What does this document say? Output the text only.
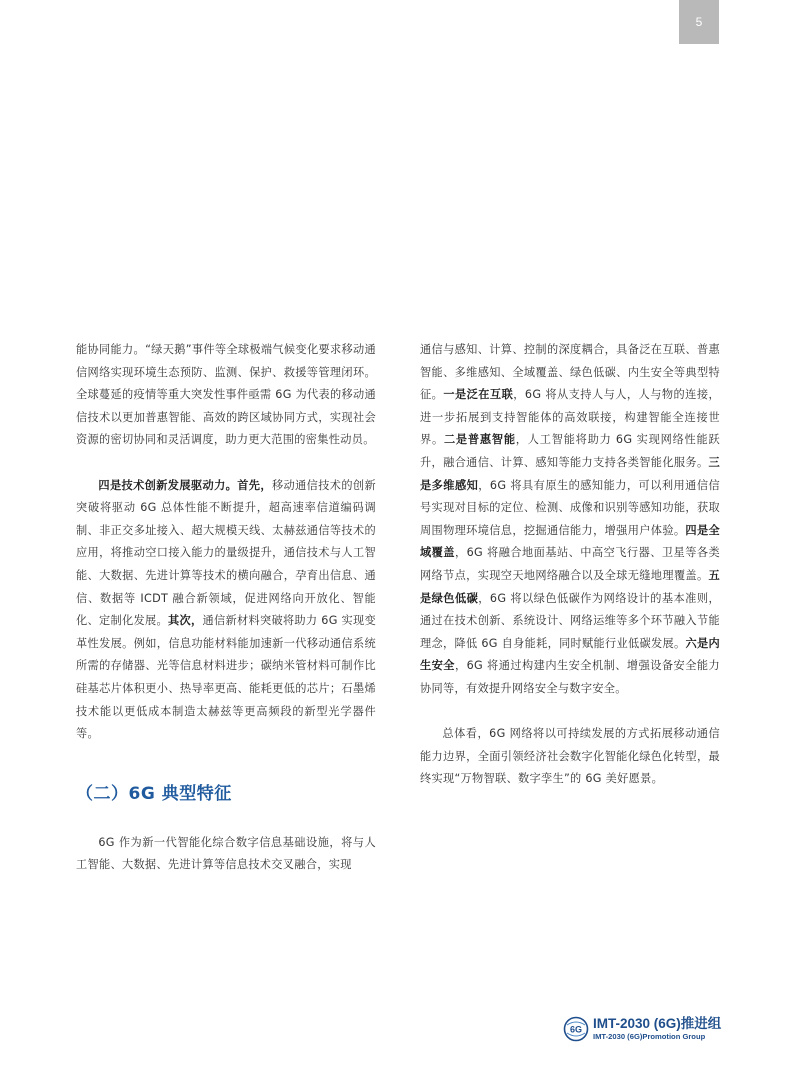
5

能协同能力。“绿天鹅”事件等全球极端气候变化要求移动通信网络实现环境生态预防、监测、保护、救援等管理闭环。全球蔓延的疫情等重大突发性事件亟需 6G 为代表的移动通信技术以更加普惠智能、高效的跨区域协同方式，实现社会资源的密切协同和灵活调度，助力更大范围的密集性动员。

四是技术创新发展驱动力。首先，移动通信技术的创新突破将驱动 6G 总体性能不断提升，超高速率信道编码调制、非正交多址接入、超大规模天线、太赫兹通信等技术的应用，将推动空口接入能力的量级提升，通信技术与人工智能、大数据、先进计算等技术的横向融合，孕育出信息、通信、数据等 ICDT 融合新领域，促进网络向开放化、智能化、定制化发展。其次，通信新材料突破将助力 6G 实现变革性发展。例如，信息功能材料能加速新一代移动通信系统所需的存储器、光等信息材料进步；碳纳米管材料可制作比硅基芯片体积更小、热导率更高、能耗更低的芯片；石墨烯技术能以更低成本制造太赫兹等更高频段的新型光学器件等。

（二）6G 典型特征

6G 作为新一代智能化综合数字信息基础设施，将与人工智能、大数据、先进计算等信息技术交叉融合，实现

通信与感知、计算、控制的深度耦合，具备泛在互联、普惠智能、多维感知、全域覆盖、绿色低碳、内生安全等典型特征。一是泛在互联，6G 将从支持人与人，人与物的连接，进一步拓展到支持智能体的高效联接，构建智能全连接世界。二是普惠智能，人工智能将助力 6G 实现网络性能跃升，融合通信、计算、感知等能力支持各类智能化服务。三是多维感知，6G 将具有原生的感知能力，可以利用通信信号实现对目标的定位、检测、成像和识别等感知功能，获取周围物理环境信息，挖掘通信能力，增强用户体验。四是全域覆盖，6G 将融合地面基站、中高空飞行器、卫星等各类网络节点，实现空天地网络融合以及全球无缝地理覆盖。五是绿色低碳，6G 将以绿色低碳作为网络设计的基本准则，通过在技术创新、系统设计、网络运维等多个环节融入节能理念，降低 6G 自身能耗，同时赋能行业低碳发展。六是内生安全，6G 将通过构建内生安全机制、增强设备安全能力协同等，有效提升网络安全与数字安全。

总体看，6G 网络将以可持续发展的方式拓展移动通信能力边界，全面引领经济社会数字化智能化绿色化转型，最终实现“万物智联、数字孪生”的 6G 美好愿景。

6G IMT-2030 (6G)推进组
IMT-2030 (6G)Promotion Group
